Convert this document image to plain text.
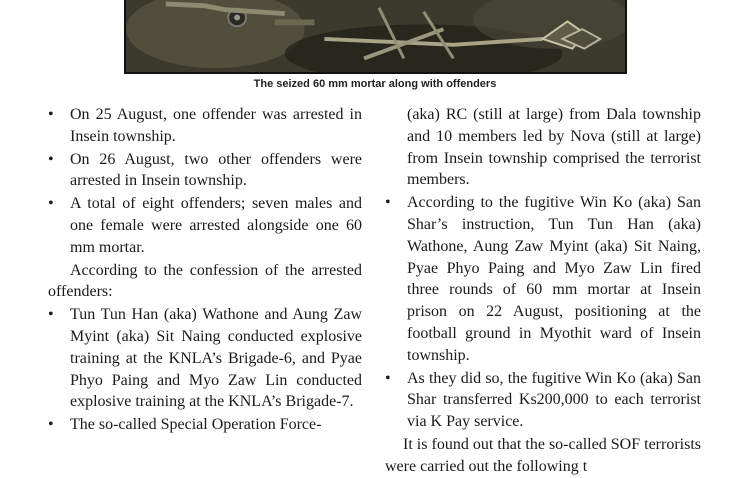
The seized 60 mm mortar along with offenders
• On 25 August, one offender was arrested in Insein township.
• On 26 August, two other offenders were arrested in Insein township.
• A total of eight offenders; seven males and one female were arrested alongside one 60 mm mortar.
According to the confession of the arrested offenders:
• Tun Tun Han (aka) Wathone and Aung Zaw Myint (aka) Sit Naing conducted explosive training at the KNLA’s Brigade-6, and Pyae Phyo Paing and Myo Zaw Lin conducted explosive training at the KNLA’s Brigade-7.
• The so-called Special Operation Force-
(aka) RC (still at large) from Dala township and 10 members led by Nova (still at large) from Insein township comprised the terrorist members.
• According to the fugitive Win Ko (aka) San Shar’s instruction, Tun Tun Han (aka) Wathone, Aung Zaw Myint (aka) Sit Naing, Pyae Phyo Paing and Myo Zaw Lin fired three rounds of 60 mm mortar at Insein prison on 22 August, positioning at the football ground in Myothit ward of Insein township.
• As they did so, the fugitive Win Ko (aka) San Shar transferred Ks200,000 to each terrorist via K Pay service.
It is found out that the so-called SOF terrorists were carried out the following t
